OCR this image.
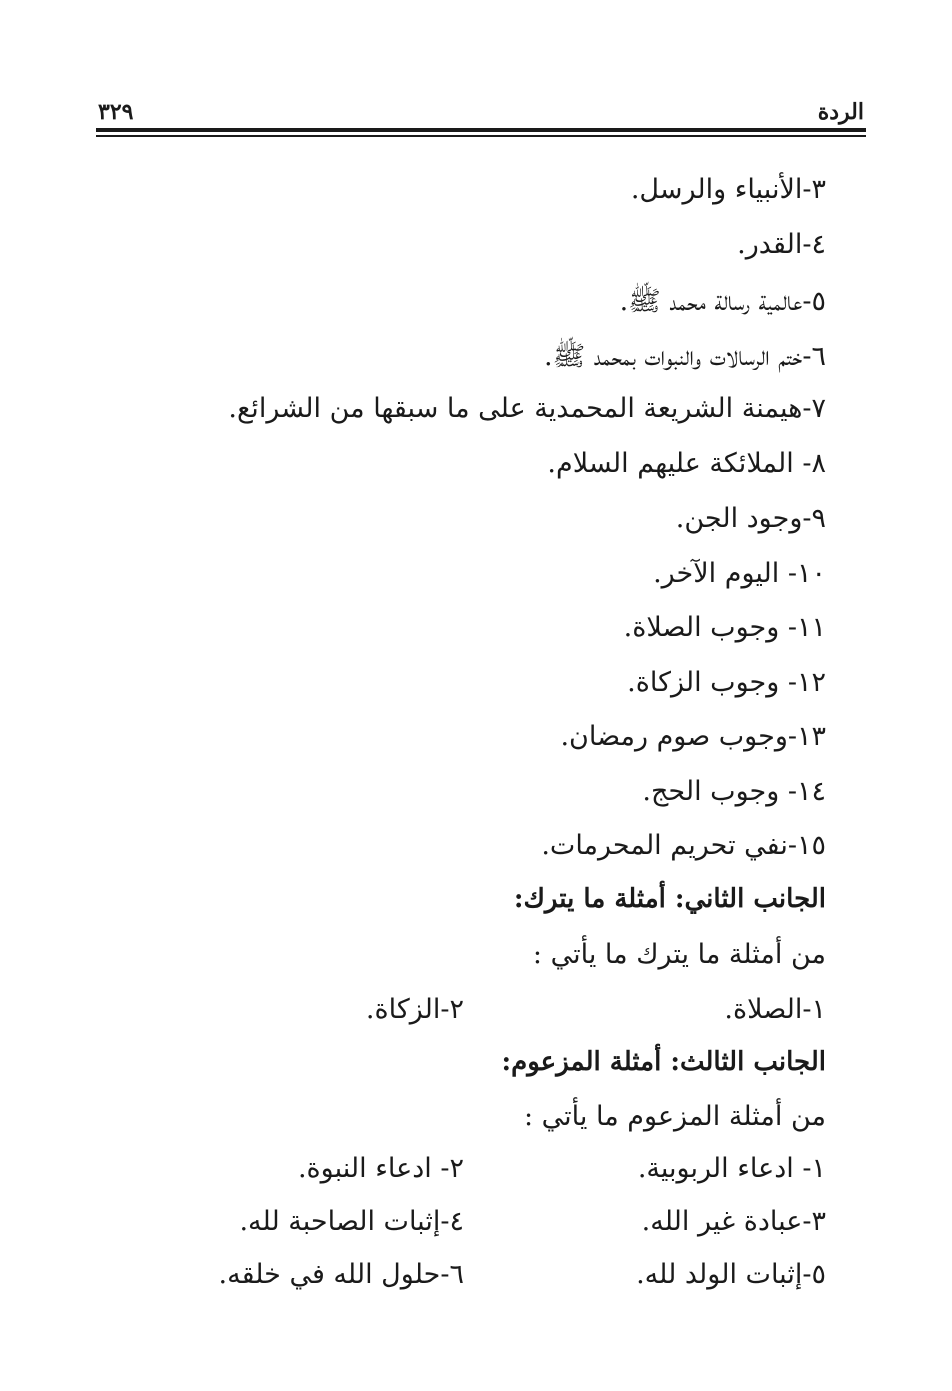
الردة
٣٢٩
٣-الأنبياء والرسل.
٤-القدر.
٥-عالمية رسالة محمد ﷺ.
٦-ختم الرسالات والنبوات بمحمد ﷺ.
٧-هيمنة الشريعة المحمدية على ما سبقها من الشرائع.
٨- الملائكة عليهم السلام.
٩-وجود الجن.
١٠- اليوم الآخر.
١١- وجوب الصلاة.
١٢- وجوب الزكاة.
١٣-وجوب صوم رمضان.
١٤- وجوب الحج.
١٥-نفي تحريم المحرمات.
الجانب الثاني: أمثلة ما يترك:
من أمثلة ما يترك ما يأتي :
١-الصلاة.
٢-الزكاة.
الجانب الثالث: أمثلة المزعوم:
من أمثلة المزعوم ما يأتي :
١- ادعاء الربوبية.
٢- ادعاء النبوة.
٣-عبادة غير الله.
٤-إثبات الصاحبة لله.
٥-إثبات الولد لله.
٦-حلول الله في خلقه.
